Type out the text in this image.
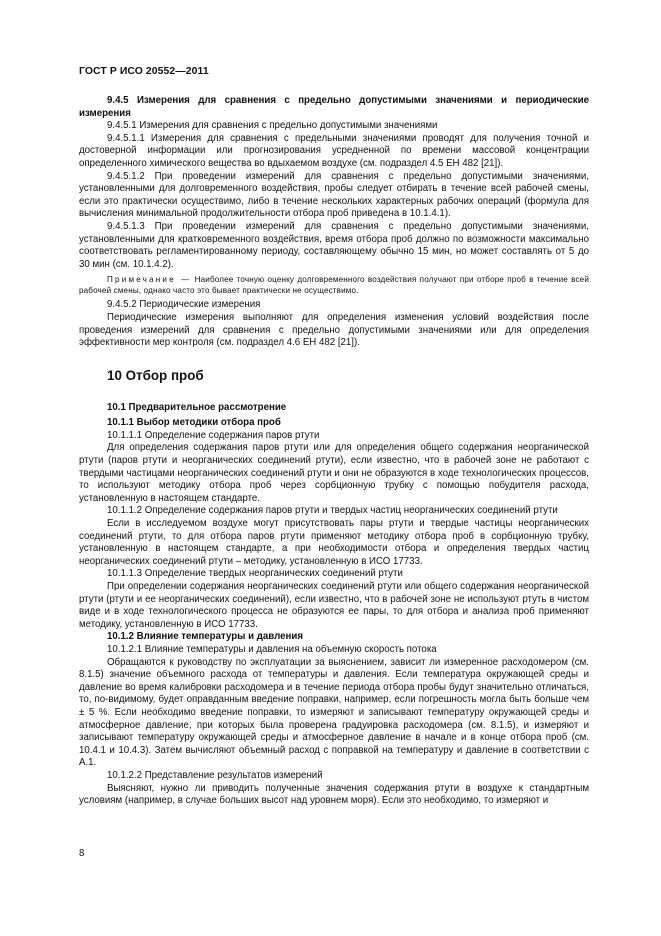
ГОСТ Р ИСО 20552—2011

9.4.5 Измерения для сравнения с предельно допустимыми значениями и периодические измерения

9.4.5.1 Измерения для сравнения с предельно допустимыми значениями

9.4.5.1.1 Измерения для сравнения с предельными значениями проводят для получения точной и достоверной информации или прогнозирования усредненной по времени массовой концентрации определенного химического вещества во вдыхаемом воздухе (см. подраздел 4.5 ЕН 482 [21]).

9.4.5.1.2 При проведении измерений для сравнения с предельно допустимыми значениями, установленными для долговременного воздействия, пробы следует отбирать в течение всей рабочей смены, если это практически осуществимо, либо в течение нескольких характерных рабочих операций (формула для вычисления минимальной продолжительности отбора проб приведена в 10.1.4.1).

9.4.5.1.3 При проведении измерений для сравнения с предельно допустимыми значениями, установленными для кратковременного воздействия, время отбора проб должно по возможности максимально соответствовать регламентированному периоду, составляющему обычно 15 мин, но может составлять от 5 до 30 мин (см. 10.1.4.2).

Примечание — Наиболее точную оценку долговременного воздействия получают при отборе проб в течение всей рабочей смены, однако часто это бывает практически не осуществимо.

9.4.5.2 Периодические измерения

Периодические измерения выполняют для определения изменения условий воздействия после проведения измерений для сравнения с предельно допустимыми значениями или для определения эффективности мер контроля (см. подраздел 4.6 ЕН 482 [21]).

10 Отбор проб

10.1 Предварительное рассмотрение

10.1.1 Выбор методики отбора проб

10.1.1.1 Определение содержания паров ртути

Для определения содержания паров ртути или для определения общего содержания неорганической ртути (паров ртути и неорганических соединений ртути), если известно, что в рабочей зоне не работают с твердыми частицами неорганических соединений ртути и они не образуются в ходе технологических процессов, то используют методику отбора проб через сорбционную трубку с помощью побудителя расхода, установленную в настоящем стандарте.

10.1.1.2 Определение содержания паров ртути и твердых частиц неорганических соединений ртути

Если в исследуемом воздухе могут присутствовать пары ртути и твердые частицы неорганических соединений ртути, то для отбора паров ртути применяют методику отбора проб в сорбционную трубку, установленную в настоящем стандарте, а при необходимости отбора и определения твердых частиц неорганических соединений ртути – методику, установленную в ИСО 17733.

10.1.1.3 Определение твердых неорганических соединений ртути

При определении содержания неорганических соединений ртути или общего содержания неорганической ртути (ртути и ее неорганических соединений), если известно, что в рабочей зоне не используют ртуть в чистом виде и в ходе технологического процесса не образуются ее пары, то для отбора и анализа проб применяют методику, установленную в ИСО 17733.

10.1.2 Влияние температуры и давления

10.1.2.1 Влияние температуры и давления на объемную скорость потока

Обращаются к руководству по эксплуатации за выяснением, зависит ли измеренное расходомером (см. 8.1.5) значение объемного расхода от температуры и давления. Если температура окружающей среды и давление во время калибровки расходомера и в течение периода отбора пробы будут значительно отличаться, то, по-видимому, будет оправданным введение поправки, например, если погрешность могла быть больше чем ± 5 %. Если необходимо введение поправки, то измеряют и записывают температуру окружающей среды и атмосферное давление, при которых была проверена градуировка расходомера (см. 8.1.5), и измеряют и записывают температуру окружающей среды и атмосферное давление в начале и в конце отбора проб (см. 10.4.1 и 10.4.3). Затем вычисляют объемный расход с поправкой на температуру и давление в соответствии с А.1.

10.1.2.2 Представление результатов измерений

Выясняют, нужно ли приводить полученные значения содержания ртути в воздухе к стандартным условиям (например, в случае больших высот над уровнем моря). Если это необходимо, то измеряют и

8
